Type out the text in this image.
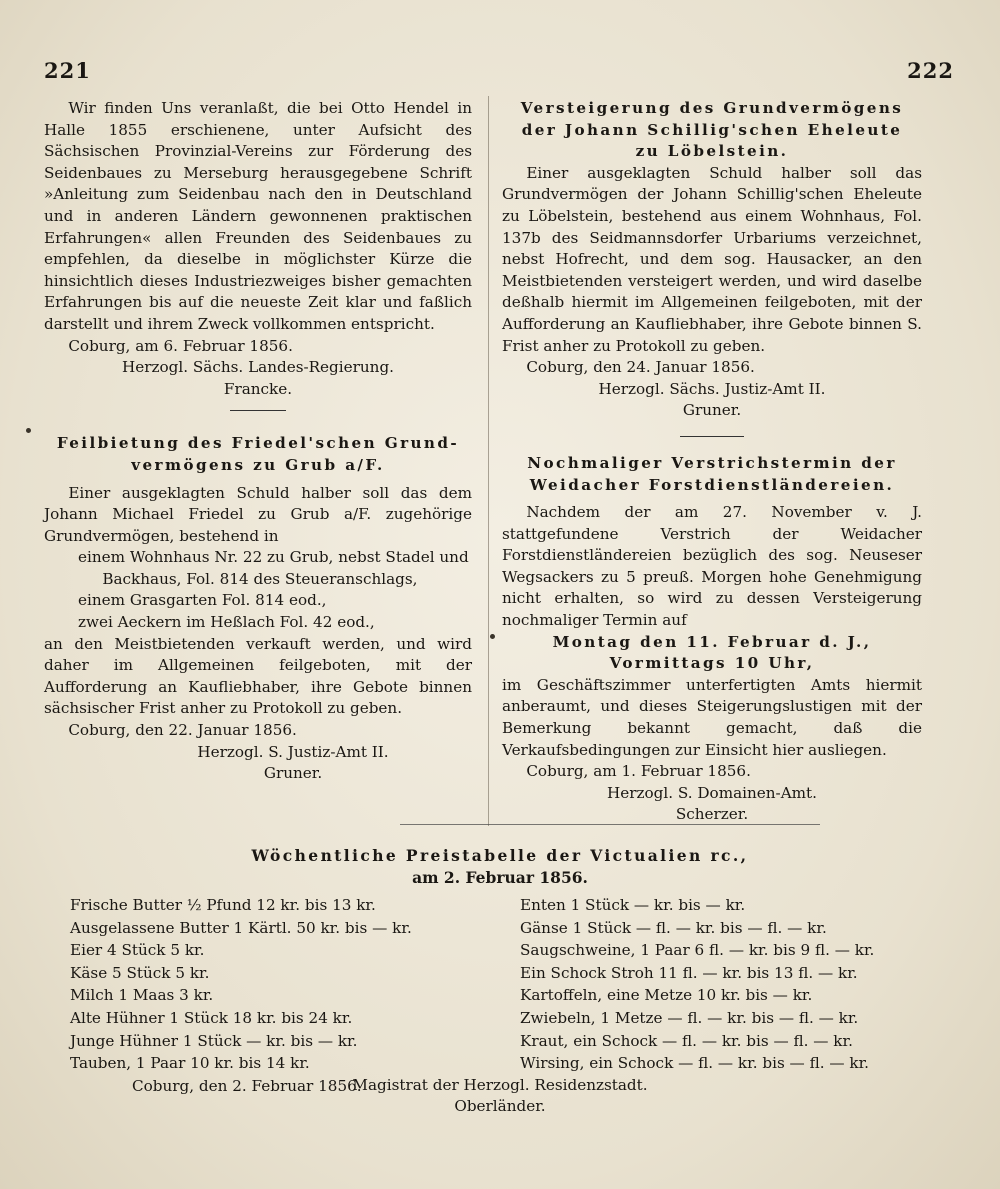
221	222

Wir finden Uns veranlaßt, die bei Otto Hendel in Halle 1855 erschienene, unter Aufsicht des Sächsischen Provinzial-Vereins zur Förderung des Seidenbaues zu Merseburg herausgegebene Schrift »Anleitung zum Seidenbau nach den in Deutschland und in anderen Ländern gewonnenen praktischen Erfahrungen« allen Freunden des Seidenbaues zu empfehlen, da dieselbe in möglichster Kürze die hinsichtlich dieses Industriezweiges bisher gemachten Erfahrungen bis auf die neueste Zeit klar und faßlich darstellt und ihrem Zweck vollkommen entspricht.

Coburg, am 6. Februar 1856.

Herzogl. Sächs. Landes-Regierung.

Francke.

Feilbietung des Friedel'schen Grund-

vermögens zu Grub a/F.

Einer ausgeklagten Schuld halber soll das dem Johann Michael Friedel zu Grub a/F. zugehörige Grundvermögen, bestehend in

einem Wohnhaus Nr. 22 zu Grub, nebst Stadel und Backhaus, Fol. 814 des Steueranschlags,
einem Grasgarten Fol. 814 eod.,
zwei Aeckern im Heßlach Fol. 42 eod.,

an den Meistbietenden verkauft werden, und wird daher im Allgemeinen feilgeboten, mit der Aufforderung an Kaufliebhaber, ihre Gebote binnen sächsischer Frist anher zu Protokoll zu geben.

Coburg, den 22. Januar 1856.

Herzogl. S. Justiz-Amt II.

Gruner.

Versteigerung des Grundvermögens

der Johann Schillig'schen Eheleute

zu Löbelstein.

Einer ausgeklagten Schuld halber soll das Grundvermögen der Johann Schillig'schen Eheleute zu Löbelstein, bestehend aus einem Wohnhaus, Fol. 137b des Seidmannsdorfer Urbariums verzeichnet, nebst Hofrecht, und dem sog. Hausacker, an den Meistbietenden versteigert werden, und wird daselbe deßhalb hiermit im Allgemeinen feilgeboten, mit der Aufforderung an Kaufliebhaber, ihre Gebote binnen S. Frist anher zu Protokoll zu geben.

Coburg, den 24. Januar 1856.

Herzogl. Sächs. Justiz-Amt II.

Gruner.

Nochmaliger Verstrichstermin der

Weidacher Forstdienstländereien.

Nachdem der am 27. November v. J. stattgefundene Verstrich der Weidacher Forstdienstländereien bezüglich des sog. Neuseser Wegsackers zu 5 preuß. Morgen hohe Genehmigung nicht erhalten, so wird zu dessen Versteigerung nochmaliger Termin auf

Montag den 11. Februar d. J.,

Vormittags 10 Uhr,

im Geschäftszimmer unterfertigten Amts hiermit anberaumt, und dieses Steigerungslustigen mit der Bemerkung bekannt gemacht, daß die Verkaufsbedingungen zur Einsicht hier ausliegen.

Coburg, am 1. Februar 1856.

Herzogl. S. Domainen-Amt.

Scherzer.

Wöchentliche Preistabelle der Victualien rc.,
am 2. Februar 1856.
Frische Butter ½ Pfund 12 kr. bis 13 kr.
Ausgelassene Butter 1 Kärtl. 50 kr. bis — kr.
Eier 4 Stück 5 kr.
Käse 5 Stück 5 kr.
Milch 1 Maas 3 kr.
Alte Hühner 1 Stück 18 kr. bis 24 kr.
Junge Hühner 1 Stück — kr. bis — kr.
Tauben, 1 Paar 10 kr. bis 14 kr.
Coburg, den 2. Februar 1856.
Enten 1 Stück — kr. bis — kr.
Gänse 1 Stück — fl. — kr. bis — fl. — kr.
Saugschweine, 1 Paar 6 fl. — kr. bis 9 fl. — kr.
Ein Schock Stroh 11 fl. — kr. bis 13 fl. — kr.
Kartoffeln, eine Metze 10 kr. bis — kr.
Zwiebeln, 1 Metze — fl. — kr. bis — fl. — kr.
Kraut, ein Schock — fl. — kr. bis — fl. — kr.
Wirsing, ein Schock — fl. — kr. bis — fl. — kr.
Magistrat der Herzogl. Residenzstadt.
Oberländer.
